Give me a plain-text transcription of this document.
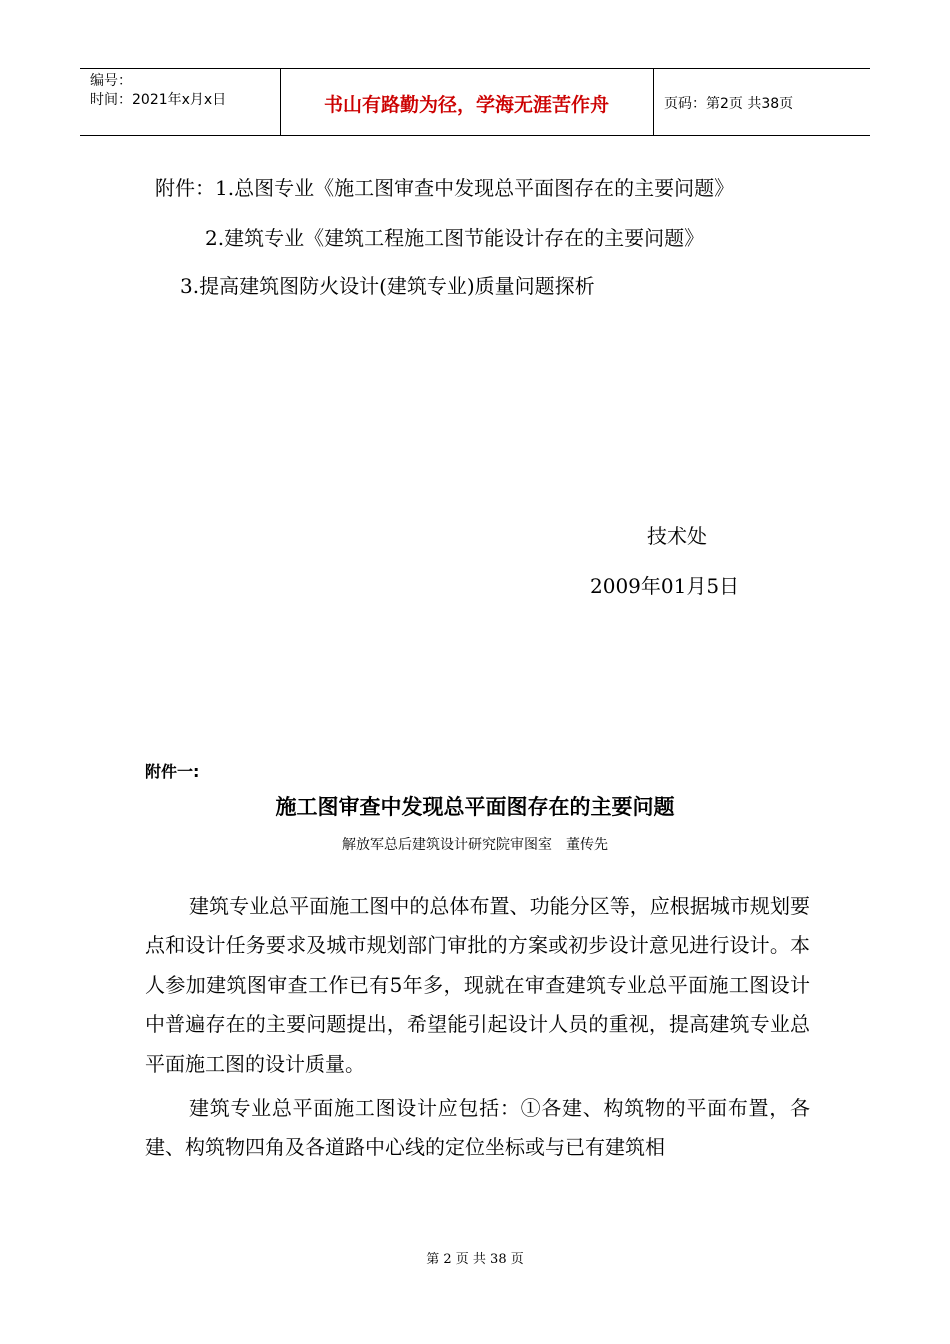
编号：
时间：2021年x月x日	书山有路勤为径，学海无涯苦作舟	页码：第2页 共38页
附件：1.总图专业《施工图审查中发现总平面图存在的主要问题》
2.建筑专业《建筑工程施工图节能设计存在的主要问题》
3.提高建筑图防火设计(建筑专业)质量问题探析
技术处
2009年01月5日
附件一:
施工图审查中发现总平面图存在的主要问题
解放军总后建筑设计研究院审图室　董传先

建筑专业总平面施工图中的总体布置、功能分区等，应根据城市规划要点和设计任务要求及城市规划部门审批的方案或初步设计意见进行设计。本人参加建筑图审查工作已有5年多，现就在审查建筑专业总平面施工图设计中普遍存在的主要问题提出，希望能引起设计人员的重视，提高建筑专业总平面施工图的设计质量。

建筑专业总平面施工图设计应包括：①各建、构筑物的平面布置，各建、构筑物四角及各道路中心线的定位坐标或与已有建筑相

第 2 页 共 38 页
